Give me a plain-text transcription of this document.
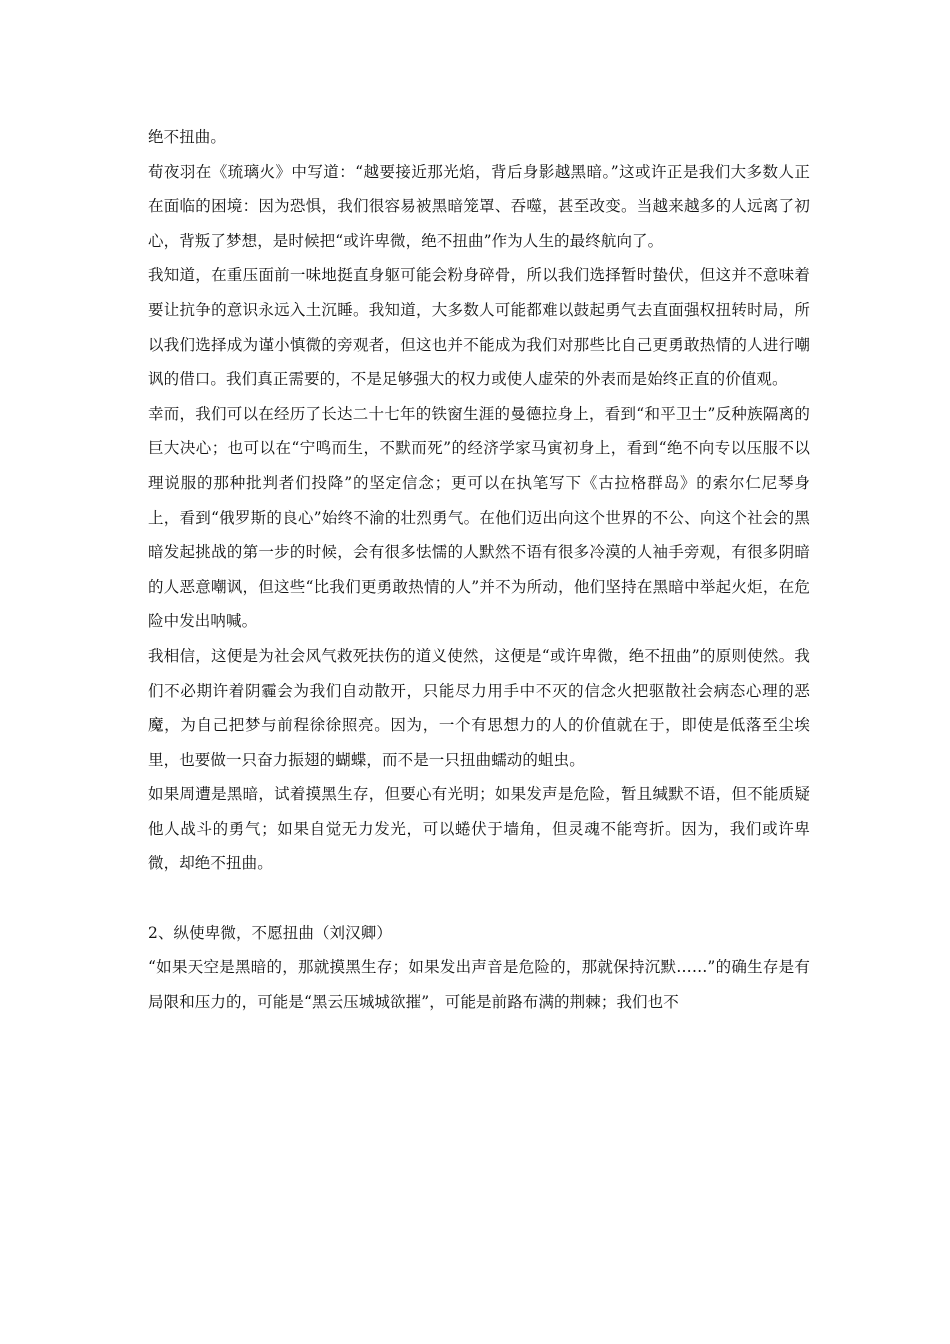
绝不扭曲。

荀夜羽在《琉璃火》中写道：“越要接近那光焰，背后身影越黑暗。”这或许正是我们大多数人正在面临的困境：因为恐惧，我们很容易被黑暗笼罩、吞噬，甚至改变。当越来越多的人远离了初心，背叛了梦想，是时候把“或许卑微，绝不扭曲”作为人生的最终航向了。

我知道，在重压面前一味地挺直身躯可能会粉身碎骨，所以我们选择暂时蛰伏，但这并不意味着要让抗争的意识永远入土沉睡。我知道，大多数人可能都难以鼓起勇气去直面强权扭转时局，所以我们选择成为谨小慎微的旁观者，但这也并不能成为我们对那些比自己更勇敢热情的人进行嘲讽的借口。我们真正需要的，不是足够强大的权力或使人虚荣的外表而是始终正直的价值观。

幸而，我们可以在经历了长达二十七年的铁窗生涯的曼德拉身上，看到“和平卫士”反种族隔离的巨大决心；也可以在“宁鸣而生，不默而死”的经济学家马寅初身上，看到“绝不向专以压服不以理说服的那种批判者们投降”的坚定信念；更可以在执笔写下《古拉格群岛》的索尔仁尼琴身上，看到“俄罗斯的良心”始终不渝的壮烈勇气。在他们迈出向这个世界的不公、向这个社会的黑暗发起挑战的第一步的时候，会有很多怯懦的人默然不语有很多冷漠的人袖手旁观，有很多阴暗的人恶意嘲讽，但这些“比我们更勇敢热情的人”并不为所动，他们坚持在黑暗中举起火炬，在危险中发出呐喊。

我相信，这便是为社会风气救死扶伤的道义使然，这便是“或许卑微，绝不扭曲”的原则使然。我们不必期许着阴霾会为我们自动散开，只能尽力用手中不灭的信念火把驱散社会病态心理的恶魔，为自己把梦与前程徐徐照亮。因为，一个有思想力的人的价值就在于，即使是低落至尘埃里，也要做一只奋力振翅的蝴蝶，而不是一只扭曲蠕动的蛆虫。

如果周遭是黑暗，试着摸黑生存，但要心有光明；如果发声是危险，暂且缄默不语，但不能质疑他人战斗的勇气；如果自觉无力发光，可以蜷伏于墙角，但灵魂不能弯折。因为，我们或许卑微，却绝不扭曲。

2、纵使卑微，不愿扭曲（刘汉卿）

“如果天空是黑暗的，那就摸黑生存；如果发出声音是危险的，那就保持沉默……”的确生存是有局限和压力的，可能是“黑云压城城欲摧”，可能是前路布满的荆棘；我们也不
